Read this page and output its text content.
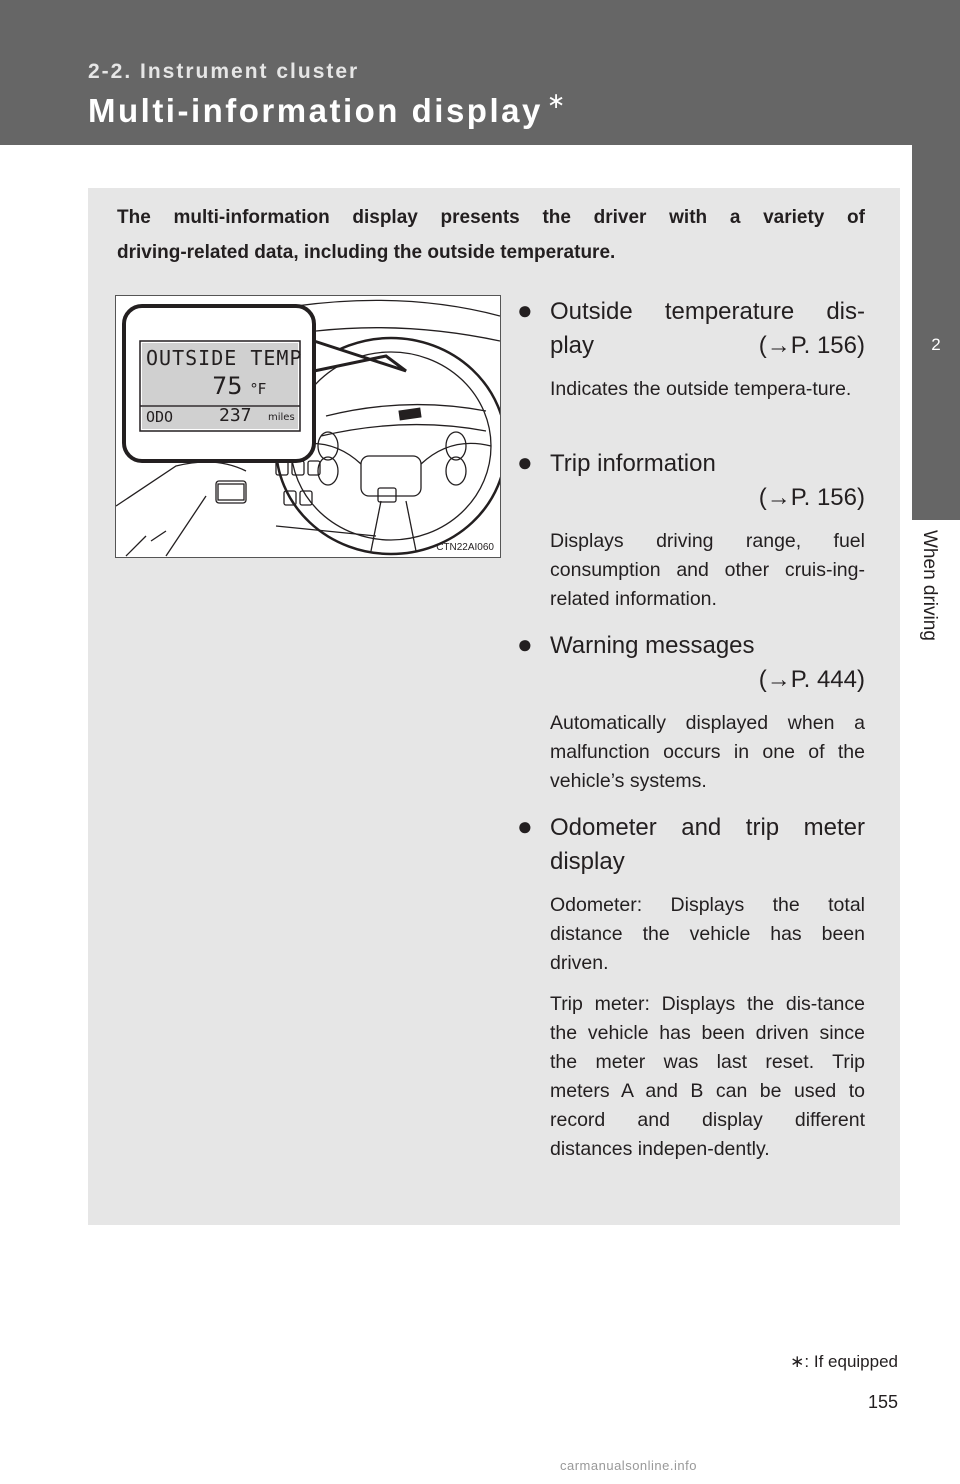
2-2. Instrument cluster
Multi-information display ∗
2
When driving
The multi-information display presents the driver with a variety of
driving-related data, including the outside temperature.
OUTSIDE TEMP
75 °F
ODO	237 miles
CTN22AI060
● Outside temperature dis-
play	(→P. 156)
Indicates the outside tempera-ture.
● Trip information
(→P. 156)
Displays driving range, fuel consumption and other cruis-ing-related information.
● Warning messages
(→P. 444)
Automatically displayed when a malfunction occurs in one of the vehicle’s systems.
● Odometer and trip meter
display
Odometer: Displays the total distance the vehicle has been driven.
Trip meter: Displays the dis-tance the vehicle has been driven since the meter was last reset. Trip meters A and B can be used to record and display different distances indepen-dently.
∗: If equipped
155
carmanualsonline.info
